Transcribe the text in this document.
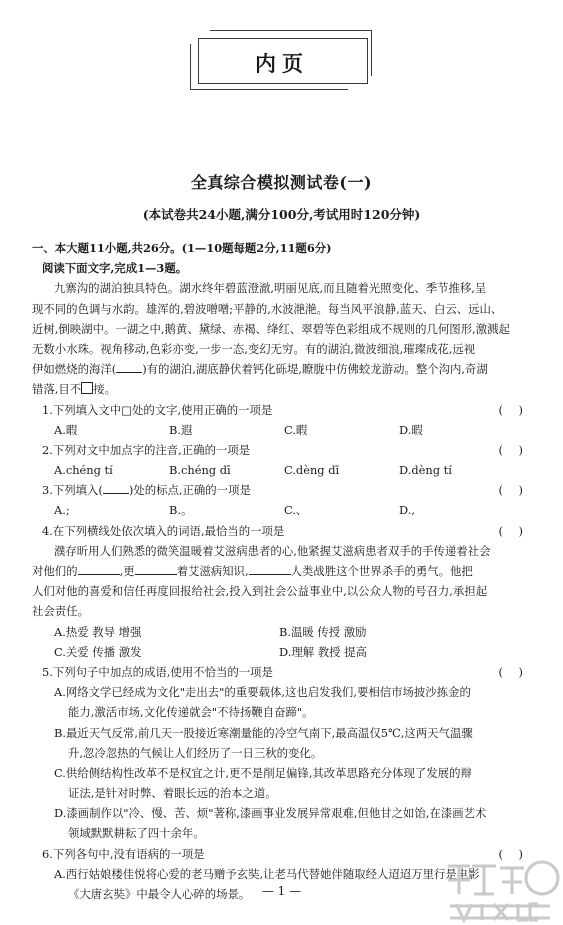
内页
全真综合模拟测试卷(一)
(本试卷共24小题,满分100分,考试用时120分钟)
一、本大题11小题,共26分。(1—10题每题2分,11题6分)
阅读下面文字,完成1—3题。
九寨沟的湖泊独具特色。湖水终年碧蓝澄澈,明丽见底,而且随着光照变化、季节推移,呈
现不同的色调与水韵。雄浑的,碧波噌噌;平静的,水波滟滟。每当风平浪静,蓝天、白云、远山、
近树,倒映湖中。一湖之中,鹅黄、黛绿、赤褐、绛红、翠碧等色彩组成不规则的几何图形,激溅起
无数小水珠。视角移动,色彩亦变,一步一态,变幻无穷。有的湖泊,微波细浪,璀璨成花,远视
伊如燃烧的海洋( )有的湖泊,湖底静伏着钙化砾堤,瞭胧中仿佛蛟龙游动。整个沟内,奇湖
错落,目不 接。
1.下列填入文中□处的文字,使用正确的一项是	( )
A.暇	B.遐	C.暇	D.暇
2.下列对文中加点字的注音,正确的一项是	( )
A.chéng tí	B.chéng dī	C.dèng dī	D.dèng tí
3.下列填入( )处的标点,正确的一项是	( )
A.;	B.。	C.、	D.,
4.在下列横线处依次填入的词语,最恰当的一项是	( )
濮存昕用人们熟悉的微笑温暖着艾滋病患者的心,他紧握艾滋病患者双手的手传递着社会
对他们的	,更	着艾滋病知识,	人类战胜这个世界杀手的勇气。他把
人们对他的喜爱和信任再度回报给社会,投入到社会公益事业中,以公众人物的号召力,承担起
社会责任。
A.热爱 教导 增强	B.温暖 传授 激励
C.关爱 传播 激发	D.理解 教授 提高
5.下列句子中加点的成语,使用不恰当的一项是	( )
A.网络文学已经成为文化"走出去"的重要载体,这也启发我们,要相信市场披沙拣金的
能力,激活市场,文化传递就会"不待扬鞭自奋蹄"。
B.最近天气反常,前几天一股接近寒潮量能的冷空气南下,最高温仅5℃,这两天气温骤
升,忽冷忽热的气候让人们经历了一日三秋的变化。
C.供给侧结构性改革不是权宜之计,更不是削足偏锋,其改革思路充分体现了发展的辩
证法,是针对时弊、着眼长远的治本之道。
D.漆画制作以"冷、慢、苦、烦"著称,漆画事业发展异常艰难,但他甘之如饴,在漆画艺术
领域默默耕耘了四十余年。
6.下列各句中,没有语病的一项是	( )
A.西行姑娘楼佳悦将心爱的老马赠予玄奘,让老马代替她伴随取经人迢迢万里行是电影
《大唐玄奘》中最令人心碎的场景。 — 1 —
